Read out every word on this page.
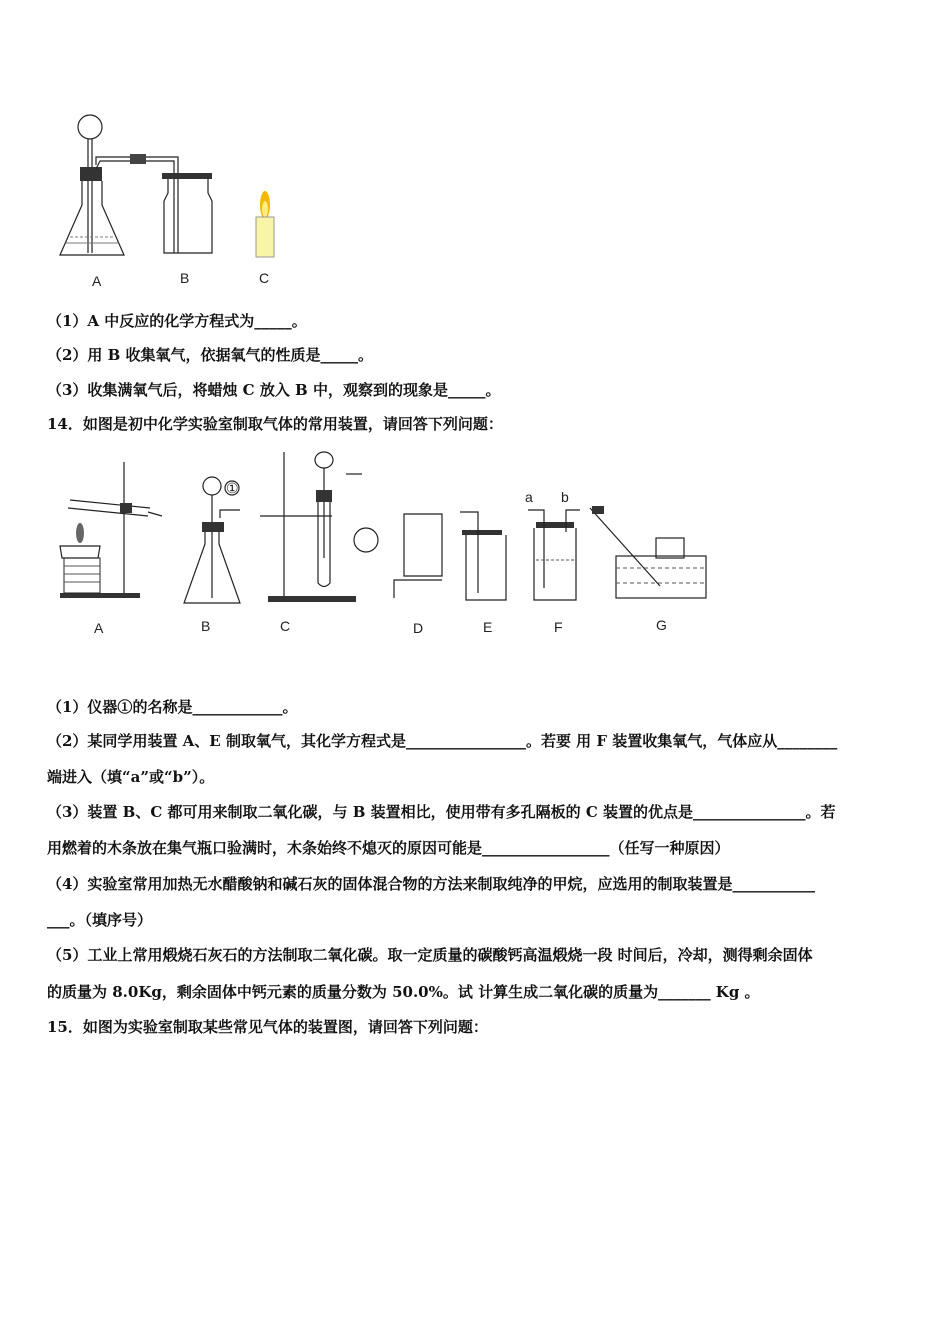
A	B	C
（1）A 中反应的化学方程式为_____。
（2）用 B 收集氧气，依据氧气的性质是_____。
（3）收集满氧气后，将蜡烛 C 放入 B 中，观察到的现象是_____。
14．如图是初中化学实验室制取气体的常用装置，请回答下列问题：
①
a b
A	B	C	D	E	F	G
（1）仪器①的名称是____________。
（2）某同学用装置 A、E 制取氧气，其化学方程式是________________。若要 用 F 装置收集氧气，气体应从________
端进入（填“a”或“b”）。
（3）装置 B、C 都可用来制取二氧化碳，与 B 装置相比，使用带有多孔隔板的 C 装置的优点是_______________。若
用燃着的木条放在集气瓶口验满时，木条始终不熄灭的原因可能是_________________（任写一种原因）
（4）实验室常用加热无水醋酸钠和碱石灰的固体混合物的方法来制取纯净的甲烷，应选用的制取装置是___________
___。（填序号）
（5）工业上常用煅烧石灰石的方法制取二氧化碳。取一定质量的碳酸钙高温煅烧一段 时间后，冷却，测得剩余固体
的质量为 8.0Kg，剩余固体中钙元素的质量分数为 50.0%。试 计算生成二氧化碳的质量为_______ Kg 。
15．如图为实验室制取某些常见气体的装置图，请回答下列问题：
